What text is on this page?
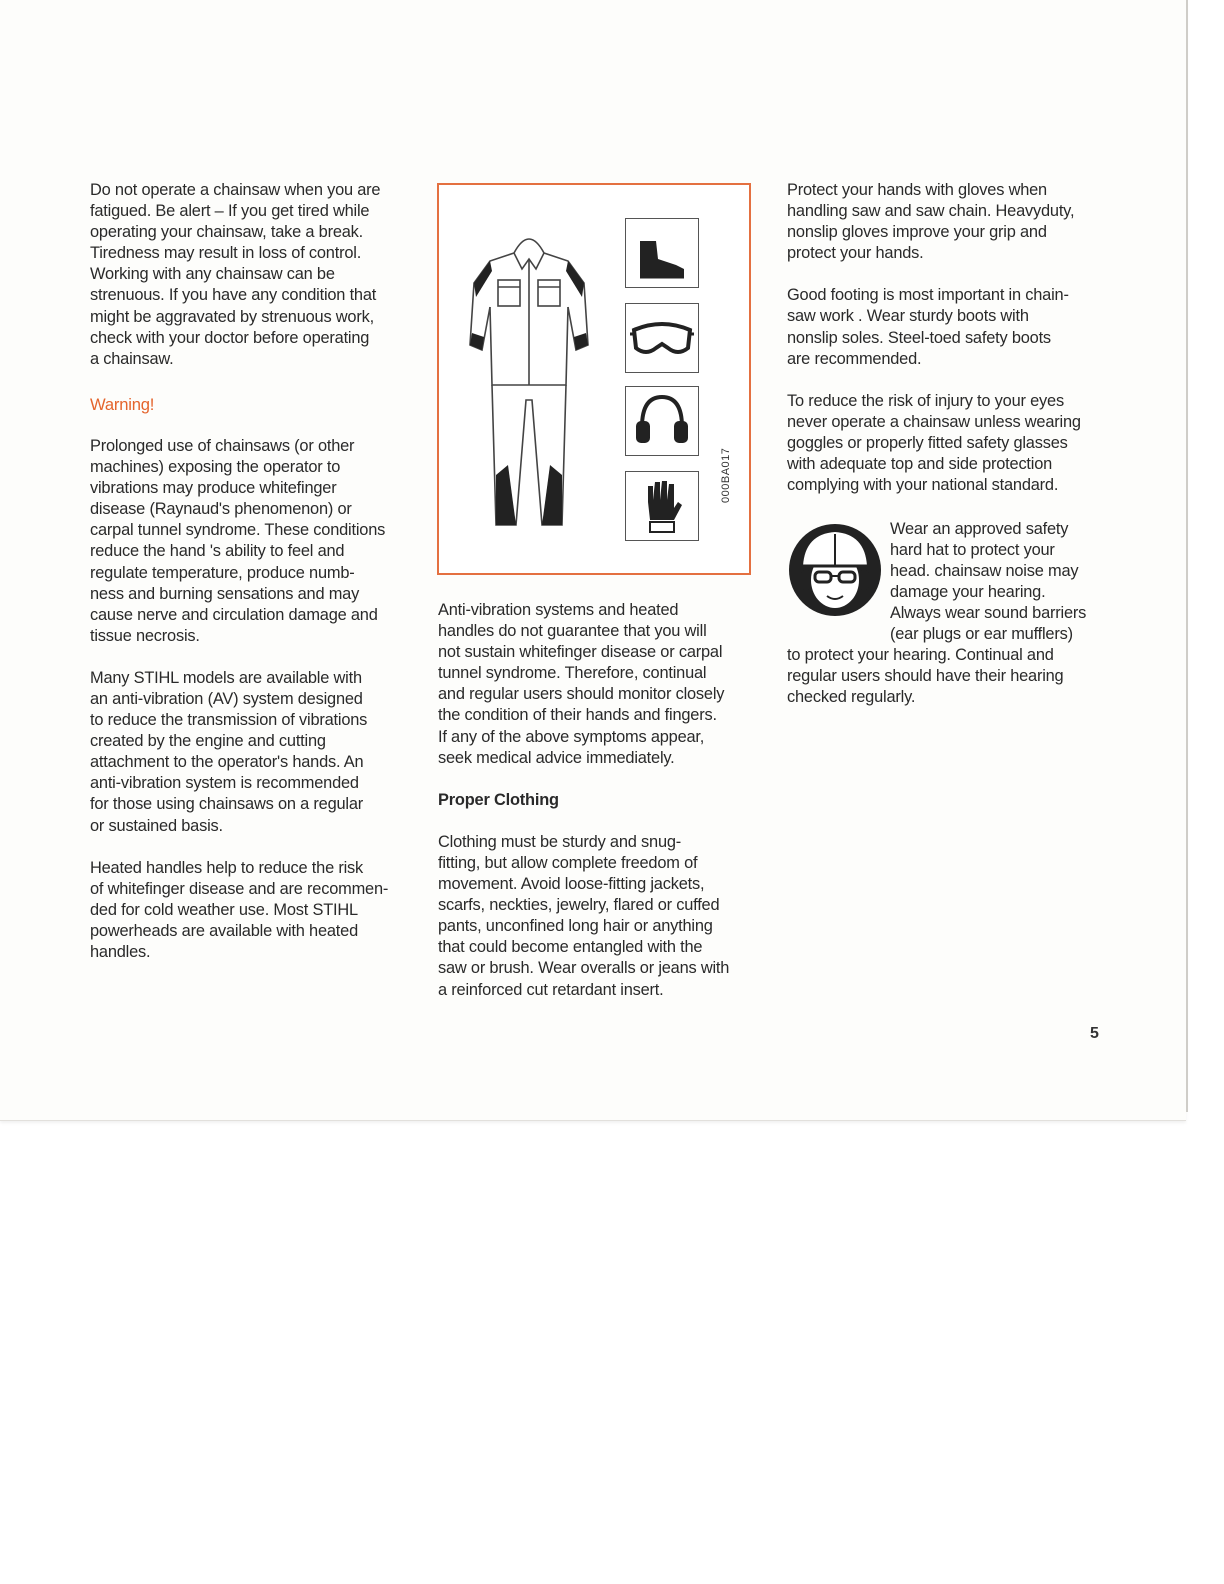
Do not operate a chainsaw when you are
fatigued. Be alert – If you get tired while
operating your chainsaw, take a break.
Tiredness may result in loss of control.
Working with any chainsaw can be
strenuous. If you have any condition that
might be aggravated by strenuous work,
check with your doctor before operating
a chainsaw.

Warning!

Prolonged use of chainsaws (or other
machines) exposing the operator to
vibrations may produce whitefinger
disease (Raynaud's phenomenon) or
carpal tunnel syndrome. These conditions
reduce the hand 's ability to feel and
regulate temperature, produce numb-
ness and burning sensations and may
cause nerve and circulation damage and
tissue necrosis.

Many STIHL models are available with
an anti-vibration (AV) system designed
to reduce the transmission of vibrations
created by the engine and cutting
attachment to the operator's hands. An
anti-vibration system is recommended
for those using chainsaws on a regular
or sustained basis.

Heated handles help to reduce the risk
of whitefinger disease and are recommen-
ded for cold weather use. Most STIHL
powerheads are available with heated
handles.

000BA017

Anti-vibration systems and heated
handles do not guarantee that you will
not sustain whitefinger disease or carpal
tunnel syndrome. Therefore, continual
and regular users should monitor closely
the condition of their hands and fingers.
If any of the above symptoms appear,
seek medical advice immediately.

Proper Clothing

Clothing must be sturdy and snug-
fitting, but allow complete freedom of
movement. Avoid loose-fitting jackets,
scarfs, neckties, jewelry, flared or cuffed
pants, unconfined long hair or anything
that could become entangled with the
saw or brush. Wear overalls or jeans with
a reinforced cut retardant insert.

Protect your hands with gloves when
handling saw and saw chain. Heavyduty,
nonslip gloves improve your grip and
protect your hands.

Good footing is most important in chain-
saw work . Wear sturdy boots with
nonslip soles. Steel-toed safety boots
are recommended.

To reduce the risk of injury to your eyes
never operate a chainsaw unless wearing
goggles or properly fitted safety glasses
with adequate top and side protection
complying with your national standard.

Wear an approved safety
hard hat to protect your
head. chainsaw noise may
damage your hearing.
Always wear sound barriers
(ear plugs or ear mufflers)
to protect your hearing. Continual and
regular users should have their hearing
checked regularly.
5
